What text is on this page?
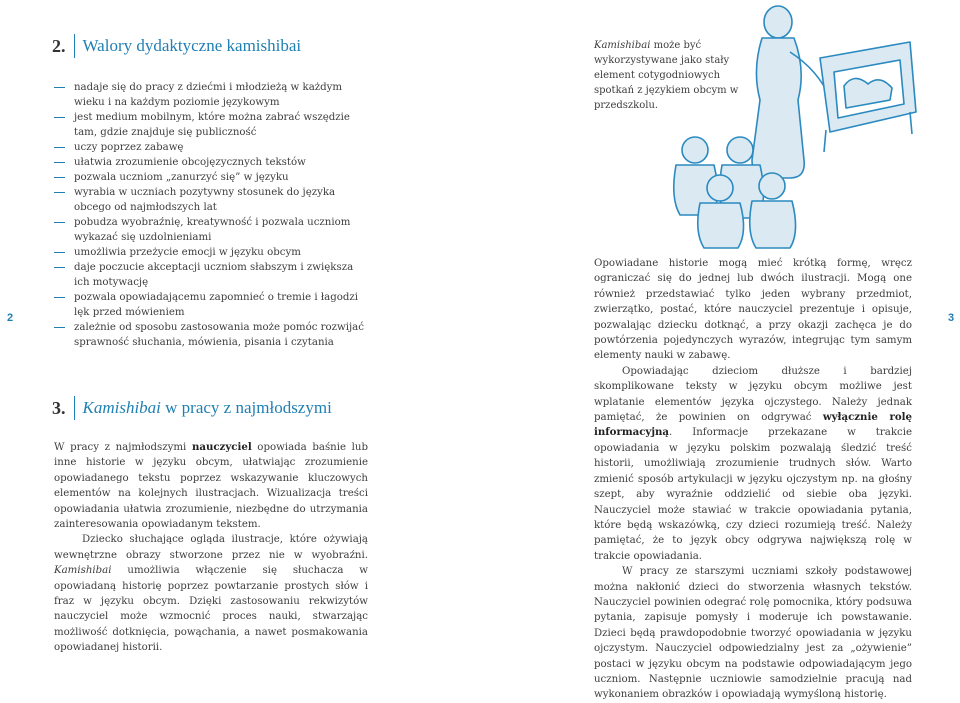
2	3
2. Walory dydaktyczne kamishibai
nadaje się do pracy z dziećmi i młodzieżą w każdym wieku i na każdym poziomie językowym
jest medium mobilnym, które można zabrać wszędzie tam, gdzie znajduje się publiczność
uczy poprzez zabawę
ułatwia zrozumienie obcojęzycznych tekstów
pozwala uczniom „zanurzyć się” w języku
wyrabia w uczniach pozytywny stosunek do języka obcego od najmłodszych lat
pobudza wyobraźnię, kreatywność i pozwala uczniom wykazać się uzdolnieniami
umożliwia przeżycie emocji w języku obcym
daje poczucie akceptacji uczniom słabszym i zwiększa ich motywację
pozwala opowiadającemu zapomnieć o tremie i łagodzi lęk przed mówieniem
zależnie od sposobu zastosowania może pomóc rozwijać sprawność słuchania, mówienia, pisania i czytania
3. Kamishibai w pracy z najmłodszymi

W pracy z najmłodszymi nauczyciel opowiada baśnie lub inne historie w języku obcym, ułatwiając zrozumienie opowiadanego tekstu poprzez wskazywanie kluczowych elementów na kolejnych ilustracjach. Wizualizacja treści opowiadania ułatwia zrozumienie, niezbędne do utrzymania zainteresowania opowiadanym tekstem.

Dziecko słuchające ogląda ilustracje, które ożywiają wewnętrzne obrazy stworzone przez nie w wyobraźni. Kamishibai umożliwia włączenie się słuchacza w opowiadaną historię poprzez powtarzanie prostych słów i fraz w języku obcym. Dzięki zastosowaniu rekwizytów nauczyciel może wzmocnić proces nauki, stwarzając możliwość dotknięcia, powąchania, a nawet posmakowania opowiadanej historii.

Kamishibai może być wykorzystywane jako stały element cotygodniowych spotkań z językiem obcym w przedszkolu.

Opowiadane historie mogą mieć krótką formę, wręcz ograniczać się do jednej lub dwóch ilustracji. Mogą one również przedstawiać tylko jeden wybrany przedmiot, zwierzątko, postać, które nauczyciel prezentuje i opisuje, pozwalając dziecku dotknąć, a przy okazji zachęca je do powtórzenia pojedynczych wyrazów, integrując tym samym elementy nauki w zabawę.

Opowiadając dzieciom dłuższe i bardziej skomplikowane teksty w języku obcym możliwe jest wplatanie elementów języka ojczystego. Należy jednak pamiętać, że powinien on odgrywać wyłącznie rolę informacyjną. Informacje przekazane w trakcie opowiadania w języku polskim pozwalają śledzić treść historii, umożliwiają zrozumienie trudnych słów. Warto zmienić sposób artykulacji w języku ojczystym np. na głośny szept, aby wyraźnie oddzielić od siebie oba języki. Nauczyciel może stawiać w trakcie opowiadania pytania, które będą wskazówką, czy dzieci rozumieją treść. Należy pamiętać, że to język obcy odgrywa największą rolę w trakcie opowiadania.

W pracy ze starszymi uczniami szkoły podstawowej można nakłonić dzieci do stworzenia własnych tekstów. Nauczyciel powinien odegrać rolę pomocnika, który podsuwa pytania, zapisuje pomysły i moderuje ich powstawanie. Dzieci będą prawdopodobnie tworzyć opowiadania w języku ojczystym. Nauczyciel odpowiedzialny jest za „ożywienie” postaci w języku obcym na podstawie odpowiadającym jego uczniom. Następnie uczniowie samodzielnie pracują nad wykonaniem obrazków i opowiadają wymyśloną historię.
